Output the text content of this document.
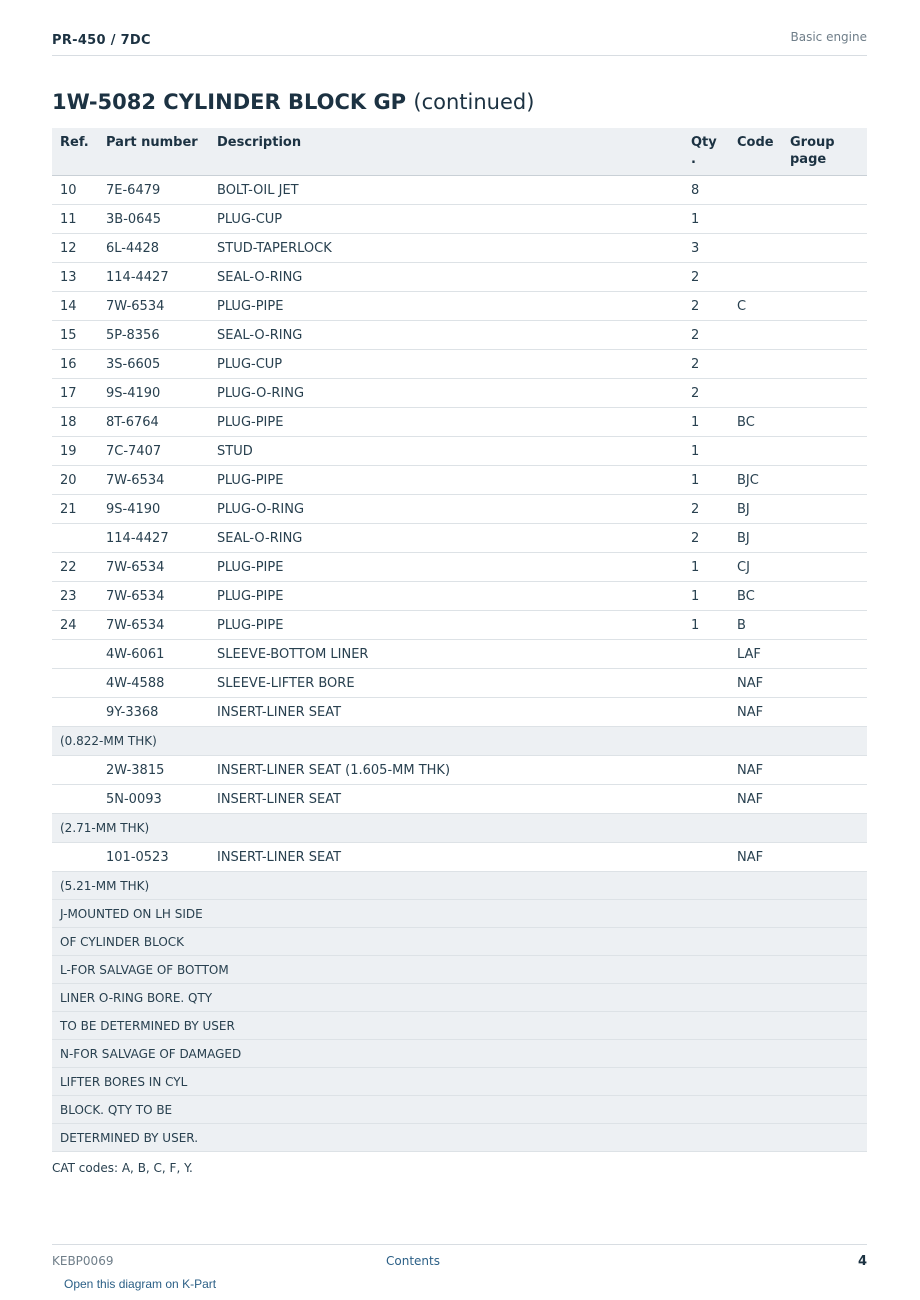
PR-450 / 7DC	Basic engine
1W-5082 CYLINDER BLOCK GP (continued)
Ref.	Part number	Description	Qty .	Code	Group page
10	7E-6479	BOLT-OIL JET	8		
11	3B-0645	PLUG-CUP	1		
12	6L-4428	STUD-TAPERLOCK	3		
13	114-4427	SEAL-O-RING	2		
14	7W-6534	PLUG-PIPE	2	C	
15	5P-8356	SEAL-O-RING	2		
16	3S-6605	PLUG-CUP	2		
17	9S-4190	PLUG-O-RING	2		
18	8T-6764	PLUG-PIPE	1	BC	
19	7C-7407	STUD	1		
20	7W-6534	PLUG-PIPE	1	BJC	
21	9S-4190	PLUG-O-RING	2	BJ	
	114-4427	SEAL-O-RING	2	BJ	
22	7W-6534	PLUG-PIPE	1	CJ	
23	7W-6534	PLUG-PIPE	1	BC	
24	7W-6534	PLUG-PIPE	1	B	
	4W-6061	SLEEVE-BOTTOM LINER		LAF	
	4W-4588	SLEEVE-LIFTER BORE		NAF	
	9Y-3368	INSERT-LINER SEAT		NAF	
(0.822-MM THK)					
	2W-3815	INSERT-LINER SEAT (1.605-MM THK)		NAF	
	5N-0093	INSERT-LINER SEAT		NAF	
(2.71-MM THK)					
	101-0523	INSERT-LINER SEAT		NAF	
(5.21-MM THK)					
J-MOUNTED ON LH SIDE					
OF CYLINDER BLOCK					
L-FOR SALVAGE OF BOTTOM					
LINER O-RING BORE. QTY					
TO BE DETERMINED BY USER					
N-FOR SALVAGE OF DAMAGED					
LIFTER BORES IN CYL					
BLOCK. QTY TO BE					
DETERMINED BY USER.					
CAT codes: A, B, C, F, Y.
KEBP0069	Contents	4
Open this diagram on K-Part
